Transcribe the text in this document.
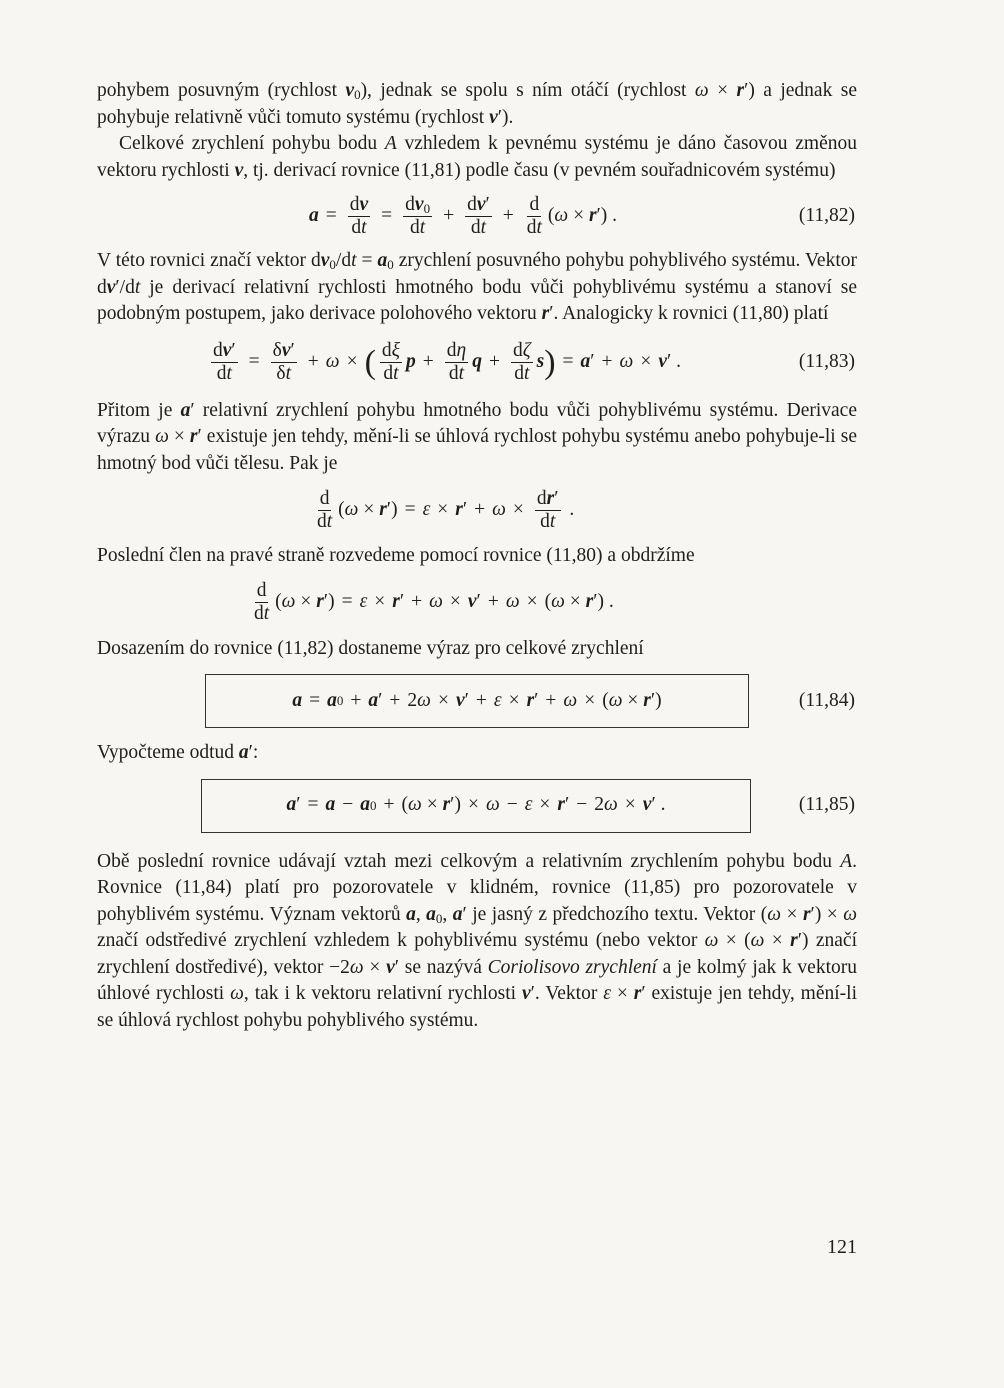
pohybem posuvným (rychlost $v_0$), jednak se spolu s ním otáčí (rychlost ω × r′) a jednak se pohybuje relativně vůči tomuto systému (rychlost v′).

Celkové zrychlení pohybu bodu A vzhledem k pevnému systému je dáno časovou změnou vektoru rychlosti v, tj. derivací rovnice (11,81) podle času (v pevném souřadnicovém systému)

$a = \frac{dv}{dt} = \frac{dv_0}{dt} + \frac{dv'}{dt} + \frac{d}{dt}$ ( ω × r ′) .	(11,82)

V této rovnici značí vektor $dv_0/dt = a_0$ zrychlení posuvného pohybu pohyblivého systému. Vektor dv′/dt je derivací relativní rychlosti hmotného bodu vůči pohyblivému systému a stanoví se podobným postupem, jako derivace polohového vektoru r′. Analogicky k rovnici (11,80) platí

$\frac{dv'}{dt} = \frac{\delta v'}{\delta t} + \omega$ × ( $\frac{d\xi}{dt}$ $p + \frac{d\eta}{dt}$ $q + \frac{d\zeta}{dt}$ s ) = a ′ + ω × v ′ .	(11,83)

Přitom je a′ relativní zrychlení pohybu hmotného bodu vůči pohyblivému systému. Derivace výrazu ω × r′ existuje jen tehdy, mění-li se úhlová rychlost pohybu systému anebo pohybuje-li se hmotný bod vůči tělesu. Pak je

$\frac{d}{dt}$ ( ω × r ′) = ε × r ′ + $\omega \times \frac{dr'}{dt}$ .

Poslední člen na pravé straně rozvedeme pomocí rovnice (11,80) a obdržíme

$\frac{d}{dt}$ ( ω × r ′) = ε × r ′ + ω × v ′ + ω × ( ω × r ′) .

Dosazením do rovnice (11,82) dostaneme výraz pro celkové zrychlení

a = a 0 + a ′ + 2 ω × v ′ + ε × r ′ + ω × ( ω × r ′)	(11,84)

Vypočteme odtud a′:

a ′ = a − a 0 + ( ω × r ′) × ω − ε × r ′ − 2 ω × v ′ .	(11,85)

Obě poslední rovnice udávají vztah mezi celkovým a relativním zrychlením pohybu bodu A. Rovnice (11,84) platí pro pozorovatele v klidném, rovnice (11,85) pro pozorovatele v pohyblivém systému. Význam vektorů a, $a_0$, a′ je jasný z předchozího textu. Vektor (ω × r′) × ω značí odstředivé zrychlení vzhledem k pohyblivému systému (nebo vektor ω × (ω × r′) značí zrychlení dostředivé), vektor −2ω × v′ se nazývá Coriolisovo zrychlení a je kolmý jak k vektoru úhlové rychlosti ω, tak i k vektoru relativní rychlosti v′. Vektor ε × r′ existuje jen tehdy, mění-li se úhlová rychlost pohybu pohyblivého systému.

121
